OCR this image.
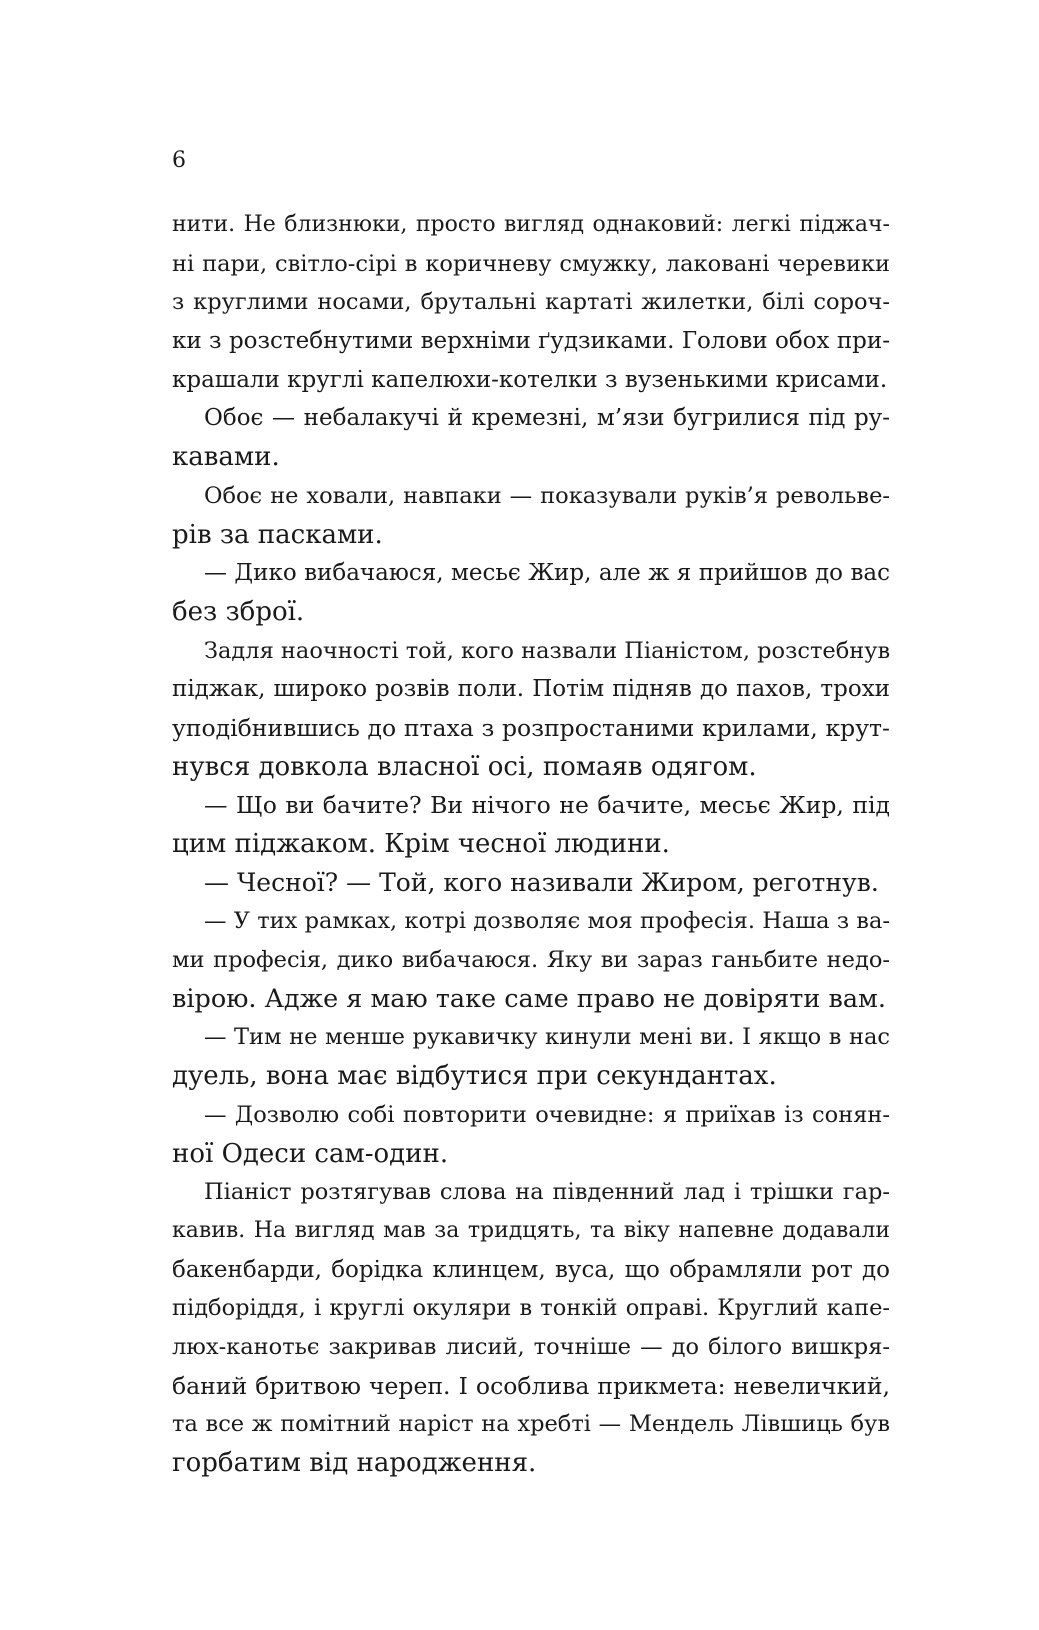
6
нити. Не близнюки, просто вигляд однаковий: легкі піджач-
ні пари, світло-сірі в коричневу смужку, лаковані черевики
з круглими носами, брутальні картаті жилетки, білі сороч-
ки з розстебнутими верхніми ґудзиками. Голови обох при-
крашали круглі капелюхи-котелки з вузенькими крисами.
Обоє — небалакучі й кремезні, м’язи бугрилися під ру-
кавами.
Обоє не ховали, навпаки — показували руків’я револьве-
рів за пасками.
— Дико вибачаюся, месьє Жир, але ж я прийшов до вас
без зброї.
Задля наочності той, кого назвали Піаністом, розстебнув
піджак, широко розвів поли. Потім підняв до пахов, трохи
уподібнившись до птаха з розпростаними крилами, крут-
нувся довкола власної осі, помаяв одягом.
— Що ви бачите? Ви нічого не бачите, месьє Жир, під
цим піджаком. Крім чесної людини.
— Чесної? — Той, кого називали Жиром, реготнув.
— У тих рамках, котрі дозволяє моя професія. Наша з ва-
ми професія, дико вибачаюся. Яку ви зараз ганьбите недо-
вірою. Адже я маю таке саме право не довіряти вам.
— Тим не менше рукавичку кинули мені ви. І якщо в нас
дуель, вона має відбутися при секундантах.
— Дозволю собі повторити очевидне: я приїхав із сонян-
ної Одеси сам-один.
Піаніст розтягував слова на південний лад і трішки гар-
кавив. На вигляд мав за тридцять, та віку напевне додавали
бакенбарди, борідка клинцем, вуса, що обрамляли рот до
підборіддя, і круглі окуляри в тонкій оправі. Круглий капе-
люх-канотьє закривав лисий, точніше — до білого вишкря-
баний бритвою череп. І особлива прикмета: невеличкий,
та все ж помітний наріст на хребті — Мендель Лівшиць був
горбатим від народження.
